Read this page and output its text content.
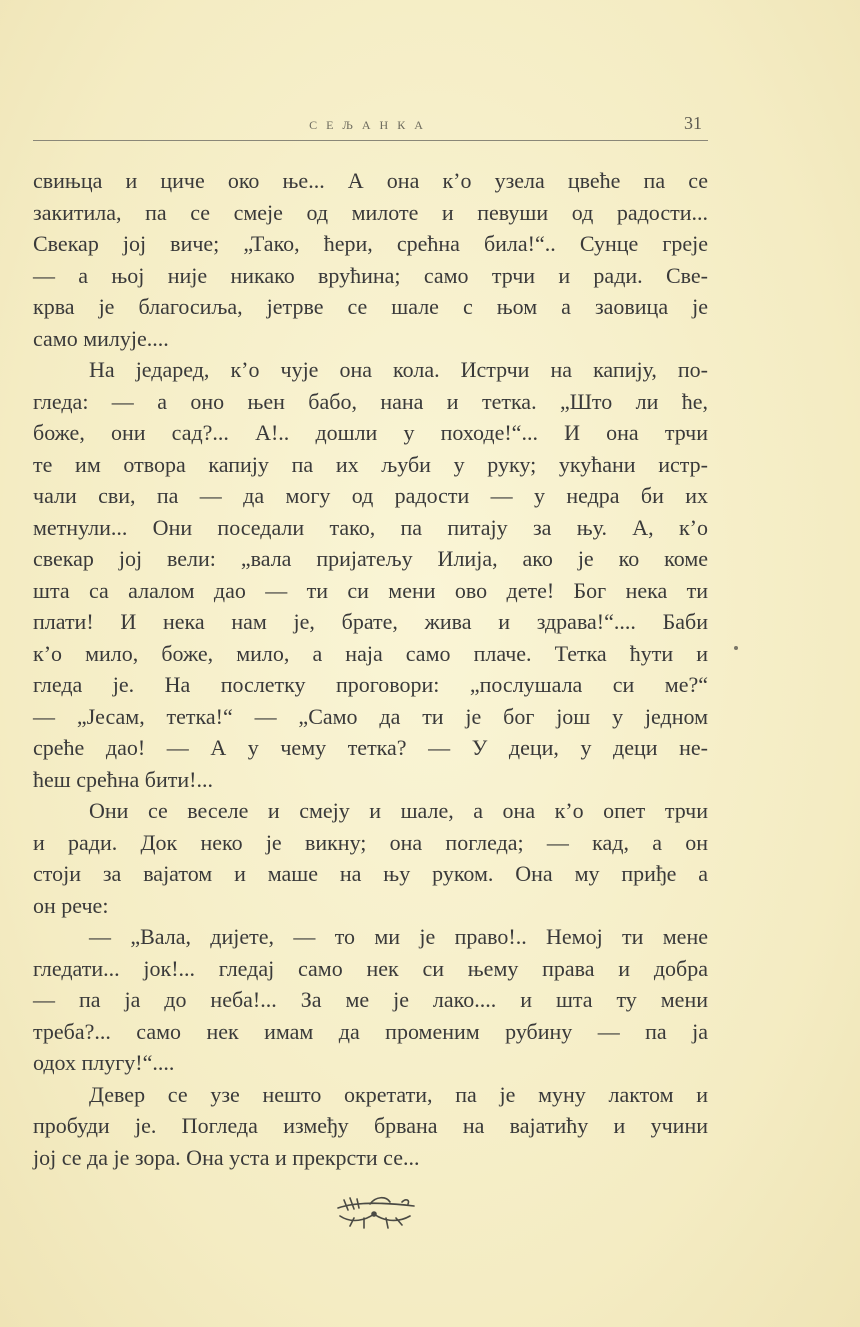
СЕЉАНКА	31

свињца и циче око ње... А она к’о узела цвеће па се
закитила, па се смеје од милоте и певуши од радости...
Свекар јој виче; „Тако, ћери, срећна била!“.. Сунце греје
— а њој није никако врућина; само трчи и ради. Све-
крва је благосиља, јетрве се шале с њом а заовица је
само милује....

На једаред, к’о чује она кола. Истрчи на капију, по-
гледа: — а оно њен бабо, нана и тетка. „Што ли ће,
боже, они сад?... А!.. дошли у походе!“... И она трчи
те им отвора капију па их љуби у руку; укућани истр-
чали сви, па — да могу од радости — у недра би их
метнули... Они поседали тако, па питају за њу. А, к’о
свекар јој вели: „вала пријатељу Илија, ако је ко коме
шта са алалом дао — ти си мени ово дете! Бог нека ти
плати! И нека нам је, брате, жива и здрава!“.... Баби
к’о мило, боже, мило, а наја само плаче. Тетка ћути и
гледа је. На послетку проговори: „послушала си ме?“
— „Јесам, тетка!“ — „Само да ти је бог још у једном
среће дао! — А у чему тетка? — У деци, у деци не-
ћеш срећна бити!...

Они се веселе и смеју и шале, а она к’о опет трчи
и ради. Док неко је викну; она погледа; — кад, а он
стоји за вајатом и маше на њу руком. Она му приђе а
он рече:

— „Вала, дијете, — то ми је право!.. Немој ти мене
гледати... јок!... гледај само нек си њему права и добра
— па ја до неба!... За ме је лако.... и шта ту мени
треба?... само нек имам да променим рубину — па ја
одох плугу!“....

Девер се узе нешто окретати, па је муну лактом и
пробуди је. Погледа између брвана на вајатићу и учини
јој се да је зора. Она уста и прекрсти се...
